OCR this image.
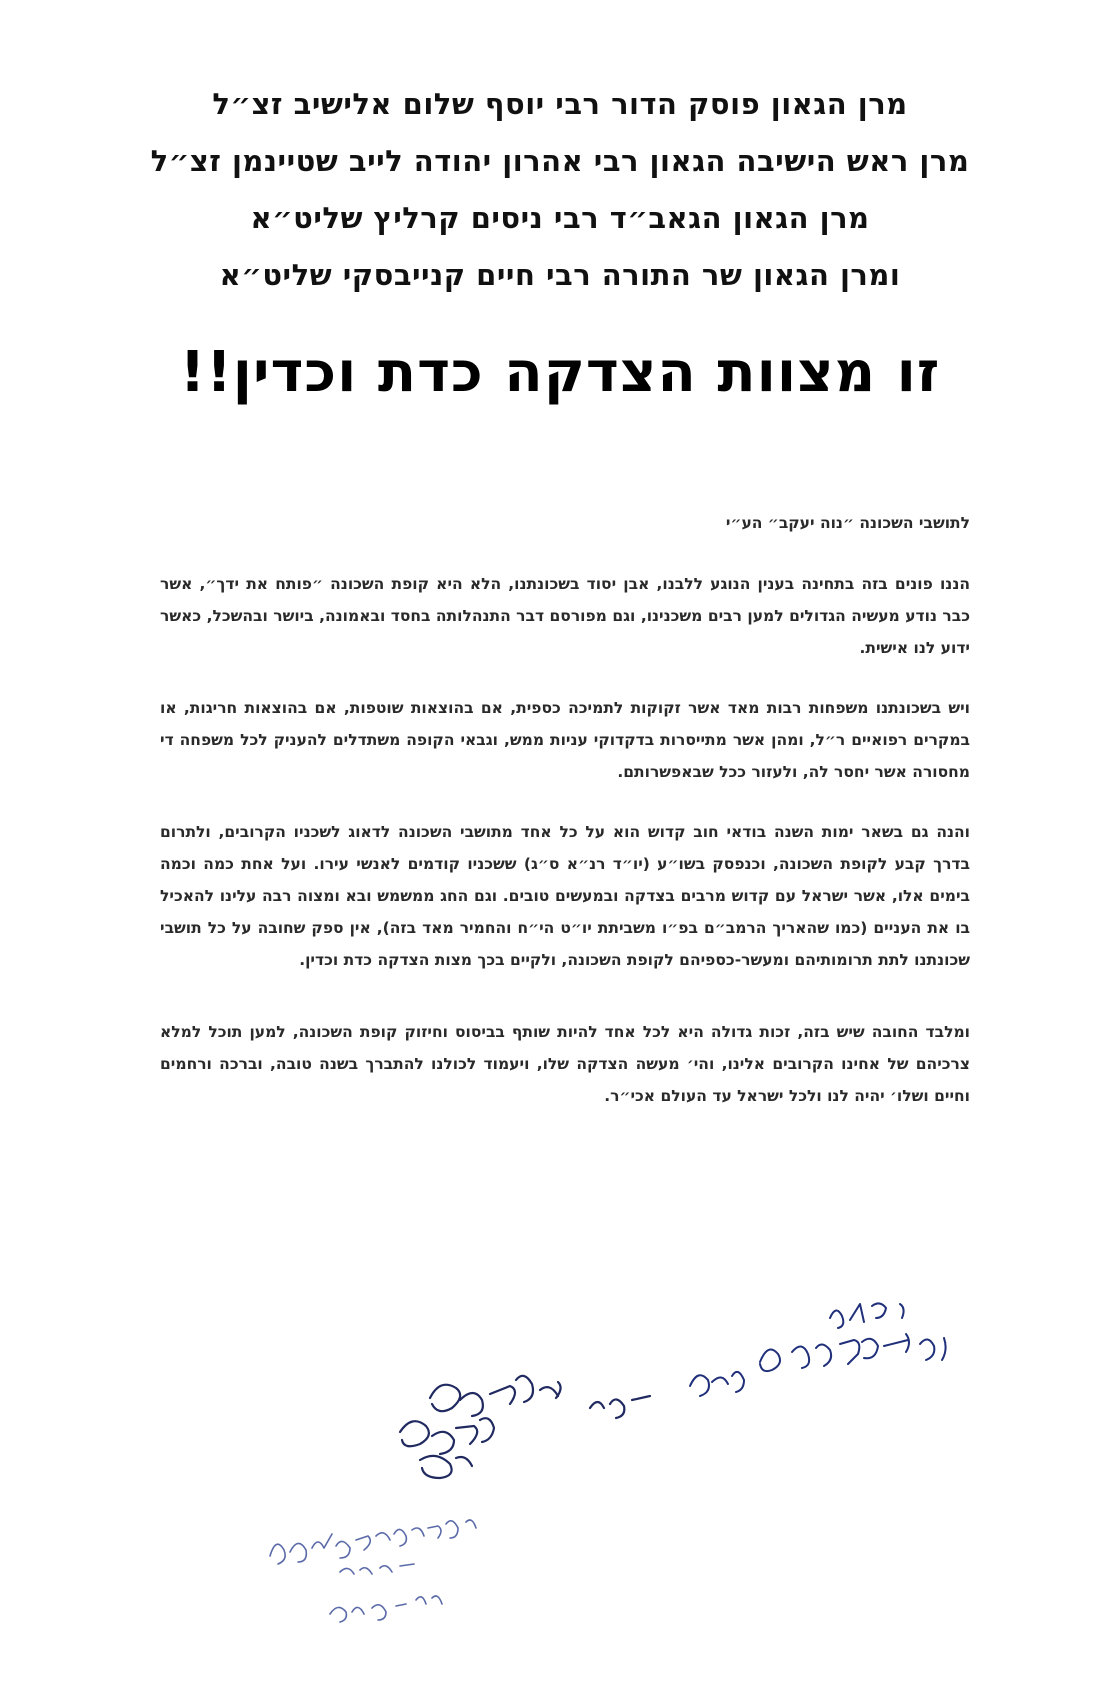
מרן הגאון פוסק הדור רבי יוסף שלום אלישיב זצ״ל
מרן ראש הישיבה הגאון רבי אהרון יהודה לייב שטיינמן זצ״ל
מרן הגאון הגאב״ד רבי ניסים קרליץ שליט״א
ומרן הגאון שר התורה רבי חיים קנייבסקי שליט״א
זו מצוות הצדקה כדת וכדין!!
לתושבי השכונה ״נוה יעקב״ הע״י
הננו פונים בזה בתחינה בענין הנוגע ללבנו, אבן יסוד בשכונתנו, הלא היא קופת השכונה ״פותח את ידך״, אשר כבר נודע מעשיה הגדולים למען רבים משכנינו, וגם מפורסם דבר התנהלותה בחסד ובאמונה, ביושר ובהשכל, כאשר ידוע לנו אישית.
ויש בשכונתנו משפחות רבות מאד אשר זקוקות לתמיכה כספית, אם בהוצאות שוטפות, אם בהוצאות חריגות, או במקרים רפואיים ר״ל, ומהן אשר מתייסרות בדקדוקי עניות ממש, וגבאי הקופה משתדלים להעניק לכל משפחה די מחסורה אשר יחסר לה, ולעזור ככל שבאפשרותם.
והנה גם בשאר ימות השנה בודאי חוב קדוש הוא על כל אחד מתושבי השכונה לדאוג לשכניו הקרובים, ולתרום בדרך קבע לקופת השכונה, וכנפסק בשו״ע (יו״ד רנ״א ס״ג) ששכניו קודמים לאנשי עירו. ועל אחת כמה וכמה בימים אלו, אשר ישראל עם קדוש מרבים בצדקה ובמעשים טובים. וגם החג ממשמש ובא ומצוה רבה עלינו להאכיל בו את העניים (כמו שהאריך הרמב״ם בפ״ו משביתת יו״ט הי״ח והחמיר מאד בזה), אין ספק שחובה על כל תושבי שכונתנו לתת תרומותיהם ומעשר-כספיהם לקופת השכונה, ולקיים בכך מצות הצדקה כדת וכדין.
ומלבד החובה שיש בזה, זכות גדולה היא לכל אחד להיות שותף בביסוס וחיזוק קופת השכונה, למען תוכל למלא צרכיהם של אחינו הקרובים אלינו, והי׳ מעשה הצדקה שלו, ויעמוד לכולנו להתברך בשנה טובה, וברכה ורחמים וחיים ושלו׳ יהיה לנו ולכל ישראל עד העולם אכי״ר.
